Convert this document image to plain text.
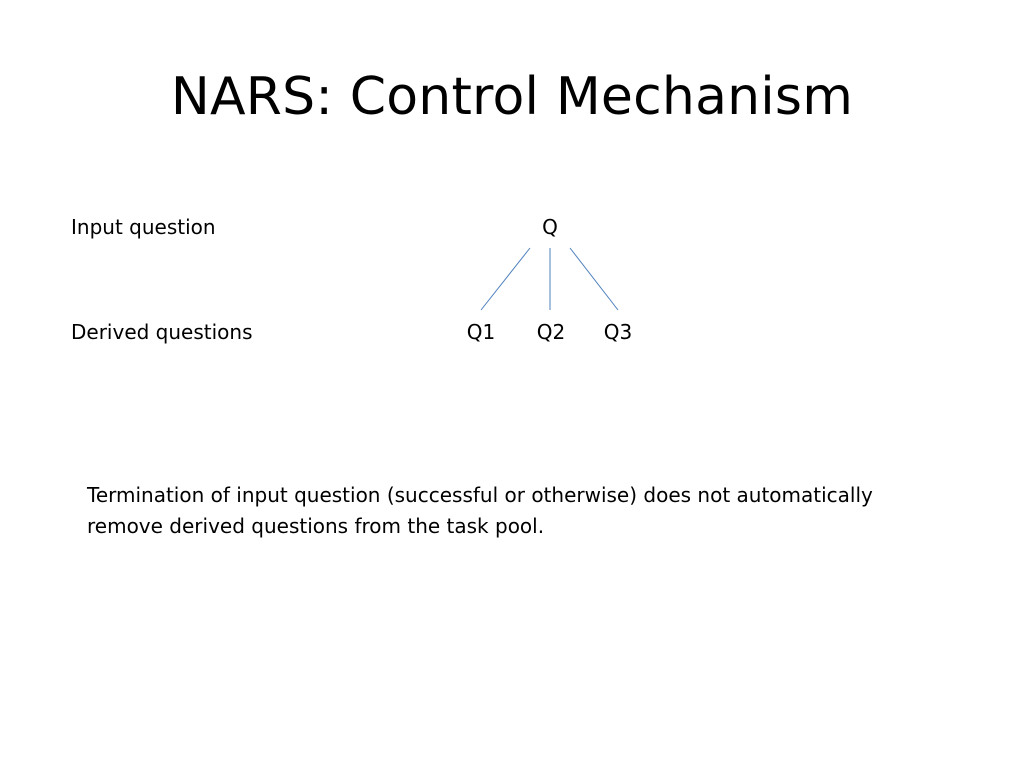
NARS: Control Mechanism
Input question
Derived questions
Q
Q1 Q2 Q3

Termination of input question (successful or otherwise) does not automatically remove derived questions from the task pool.
